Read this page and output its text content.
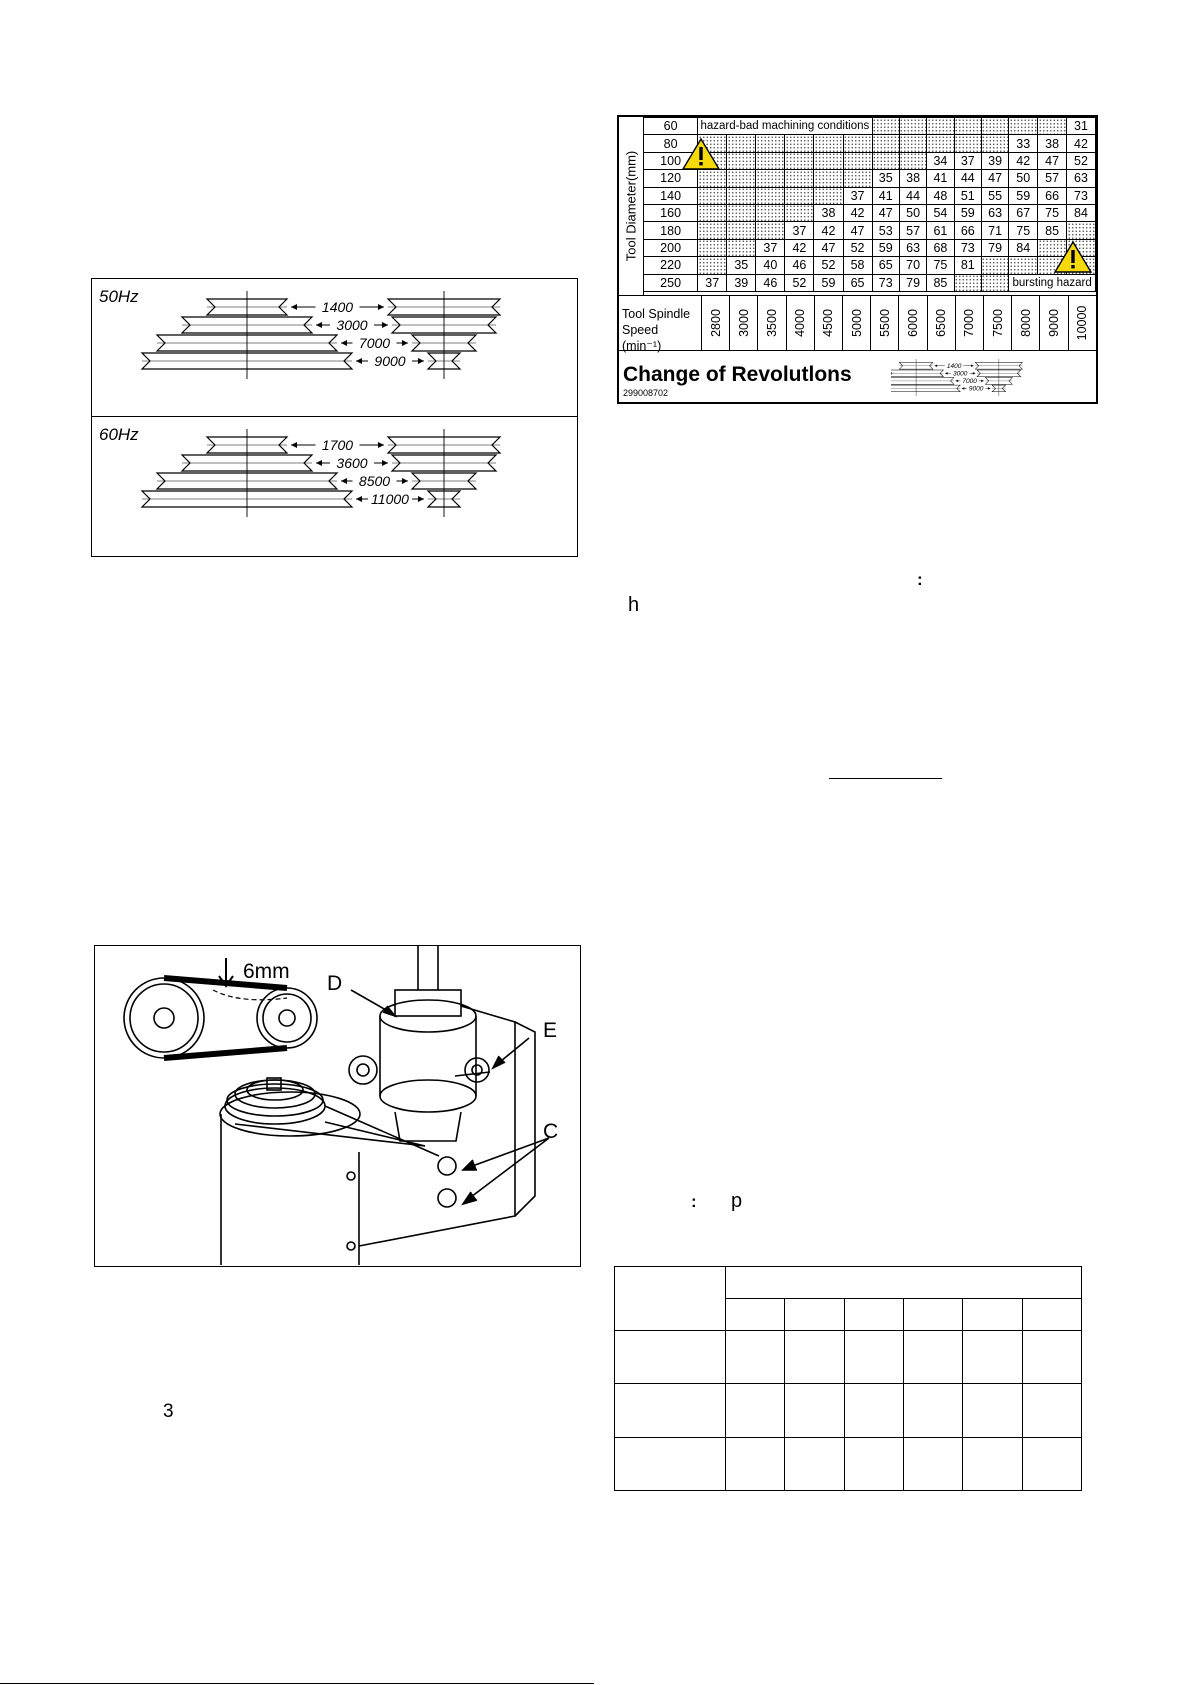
50Hz
60Hz
1400
3000
7000
9000
1700
3600
8500
11000
6mm
D
E
C
3
Tool Diameter(mm)
60	hazard-bad machining conditions													31
80												33	38	42
100									34	37	39	42	47	52
120							35	38	41	44	47	50	57	63
140						37	41	44	48	51	55	59	66	73
160					38	42	47	50	54	59	63	67	75	84
180				37	42	47	53	57	61	66	71	75	85	
200			37	42	47	52	59	63	68	73	79	84		
220		35	40	46	52	58	65	70	75	81				
250	37	39	46	52	59	65	73	79	85			bursting hazard		
Tool Spindle Speed (min⁻¹)
2800 3000 3500 4000 4500 5000 5500 6000 6500 7000 7500 8000 9000 10000
Change of Revolutlons
299008702
1400
3000
7000
9000
:
h
: p
